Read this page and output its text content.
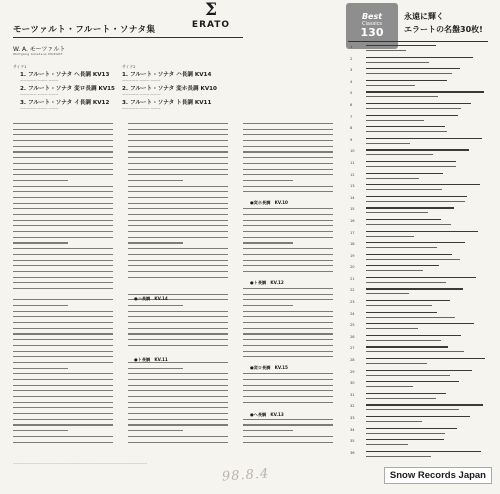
Σ
ERATO
モーツァルト・フルート・ソナタ集
W. A. モーツァルト
Wolfgang Amadeus MOZART
サイド1
1. フルート・ソナタ へ長調 KV13
————— ——— ———
2. フルート・ソナタ 変ロ長調 KV15
————— ——— ———
3. フルート・ソナタ イ長調 KV12
————— ——— ———
サイド2
1. フルート・ソナタ ハ長調 KV14
————— ——— ———
2. フルート・ソナタ 変ホ長調 KV10
————— ——— ———
3. フルート・ソナタ ト長調 KV11
————— ——— ———
●ハ長調　KV.14
●ト長調　KV.11
●変ホ長調　KV.10
●ト長調　KV.12
●変ロ長調　KV.15
●へ長調　KV.13
————————————————————————————————————————————————
98.8.4
Best
Classics
130
永遠に輝く
エラートの名盤30枚!
1
2
3
4
5
6
7
8
9
10
11
12
13
14
15
16
17
18
19
20
21
22
23
24
25
26
27
28
29
30
31
32
33
34
35
36
Snow Records Japan
